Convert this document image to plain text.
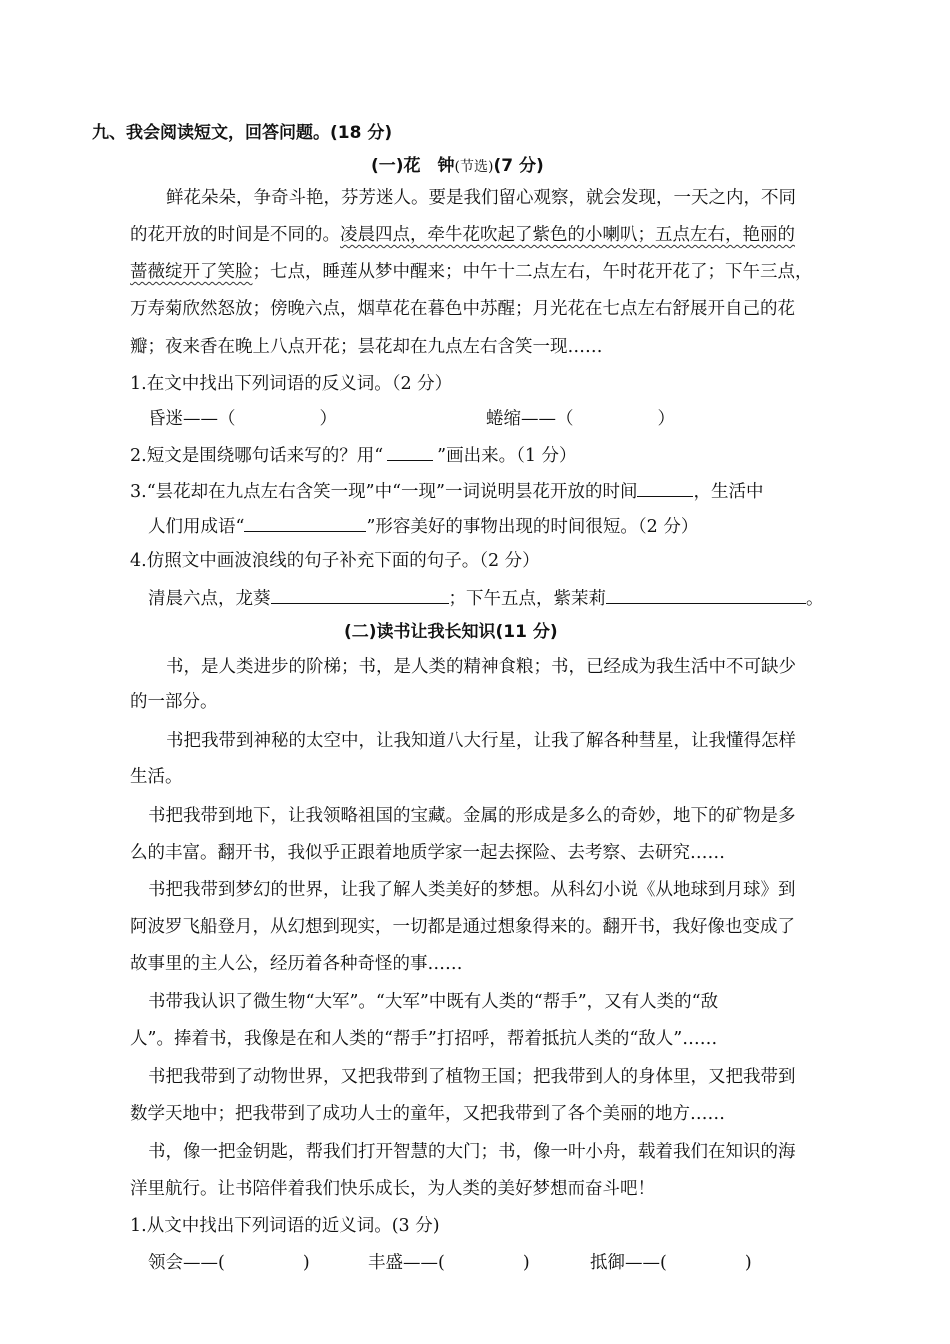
九、我会阅读短文，回答问题。(18 分)
(一)花　钟(节选)(7 分)
鲜花朵朵，争奇斗艳，芬芳迷人。要是我们留心观察，就会发现，一天之内，不同
的花开放的时间是不同的。凌晨四点，牵牛花吹起了紫色的小喇叭；五点左右，艳丽的
蔷薇绽开了笑脸；七点，睡莲从梦中醒来；中午十二点左右，午时花开花了；下午三点，
万寿菊欣然怒放；傍晚六点，烟草花在暮色中苏醒；月光花在七点左右舒展开自己的花
瓣；夜来香在晚上八点开花；昙花却在九点左右含笑一现……
1.在文中找出下列词语的反义词。（2 分）
昏迷——（	）	蜷缩——（	）
2.短文是围绕哪句话来写的？用“	”画出来。（1 分）
3.“昙花却在九点左右含笑一现”中“一现”一词说明昙花开放的时间	，生活中
人们用成语“	”形容美好的事物出现的时间很短。（2 分）
4.仿照文中画波浪线的句子补充下面的句子。（2 分）
清晨六点，龙葵	；下午五点，紫茉莉	。
(二)读书让我长知识(11 分)
书，是人类进步的阶梯；书，是人类的精神食粮；书，已经成为我生活中不可缺少
的一部分。
书把我带到神秘的太空中，让我知道八大行星，让我了解各种彗星，让我懂得怎样
生活。
书把我带到地下，让我领略祖国的宝藏。金属的形成是多么的奇妙，地下的矿物是多
么的丰富。翻开书，我似乎正跟着地质学家一起去探险、去考察、去研究……
书把我带到梦幻的世界，让我了解人类美好的梦想。从科幻小说《从地球到月球》到
阿波罗飞船登月，从幻想到现实，一切都是通过想象得来的。翻开书，我好像也变成了
故事里的主人公，经历着各种奇怪的事……
书带我认识了微生物“大军”。“大军”中既有人类的“帮手”，又有人类的“敌
人”。捧着书，我像是在和人类的“帮手”打招呼，帮着抵抗人类的“敌人”……
书把我带到了动物世界，又把我带到了植物王国；把我带到人的身体里，又把我带到
数学天地中；把我带到了成功人士的童年，又把我带到了各个美丽的地方……
书，像一把金钥匙，帮我们打开智慧的大门；书，像一叶小舟，载着我们在知识的海
洋里航行。让书陪伴着我们快乐成长，为人类的美好梦想而奋斗吧！
1.从文中找出下列词语的近义词。(3 分)
领会——(	)	丰盛——(	)	抵御——(	)
